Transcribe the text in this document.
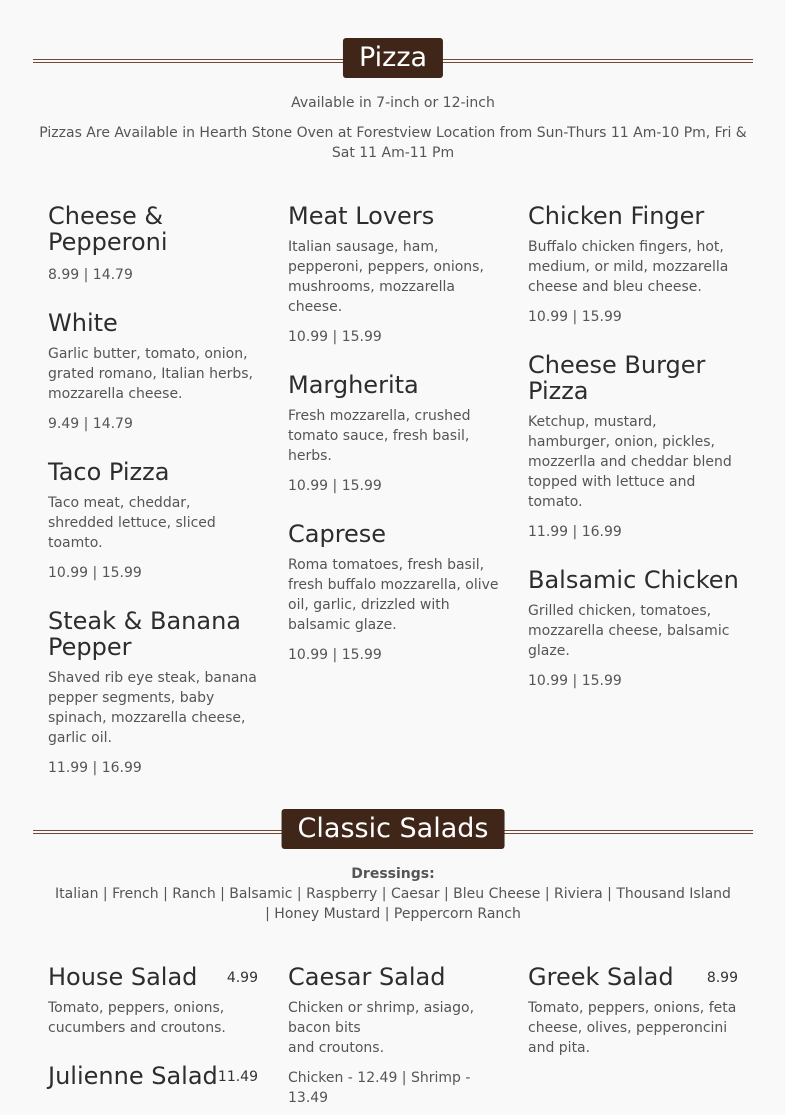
Pizza
Available in 7-inch or 12-inch
Pizzas Are Available in Hearth Stone Oven at Forestview Location from Sun-Thurs 11 Am-10 Pm, Fri & Sat 11 Am-11 Pm
Cheese & Pepperoni
8.99 | 14.79
White
Garlic butter, tomato, onion, grated romano, Italian herbs, mozzarella cheese.
9.49 | 14.79
Taco Pizza
Taco meat, cheddar, shredded lettuce, sliced toamto.
10.99 | 15.99
Steak & Banana Pepper
Shaved rib eye steak, banana pepper segments, baby spinach, mozzarella cheese, garlic oil.
11.99 | 16.99
Meat Lovers
Italian sausage, ham, pepperoni, peppers, onions, mushrooms, mozzarella cheese.
10.99 | 15.99
Margherita
Fresh mozzarella, crushed tomato sauce, fresh basil, herbs.
10.99 | 15.99
Caprese
Roma tomatoes, fresh basil, fresh buffalo mozzarella, olive oil, garlic, drizzled with balsamic glaze.
10.99 | 15.99
Chicken Finger
Buffalo chicken fingers, hot, medium, or mild, mozzarella cheese and bleu cheese.
10.99 | 15.99
Cheese Burger Pizza
Ketchup, mustard, hamburger, onion, pickles, mozzerlla and cheddar blend topped with lettuce and tomato.
11.99 | 16.99
Balsamic Chicken
Grilled chicken, tomatoes, mozzarella cheese, balsamic glaze.
10.99 | 15.99
Classic Salads
Dressings:
Italian | French | Ranch | Balsamic | Raspberry | Caesar | Bleu Cheese | Riviera | Thousand Island | Honey Mustard | Peppercorn Ranch
House Salad 4.99
Tomato, peppers, onions, cucumbers and croutons.
Julienne Salad 11.49
Caesar Salad
Chicken or shrimp, asiago, bacon bits
and croutons.
Chicken - 12.49 | Shrimp - 13.49
Greek Salad 8.99
Tomato, peppers, onions, feta cheese, olives, pepperoncini and pita.
